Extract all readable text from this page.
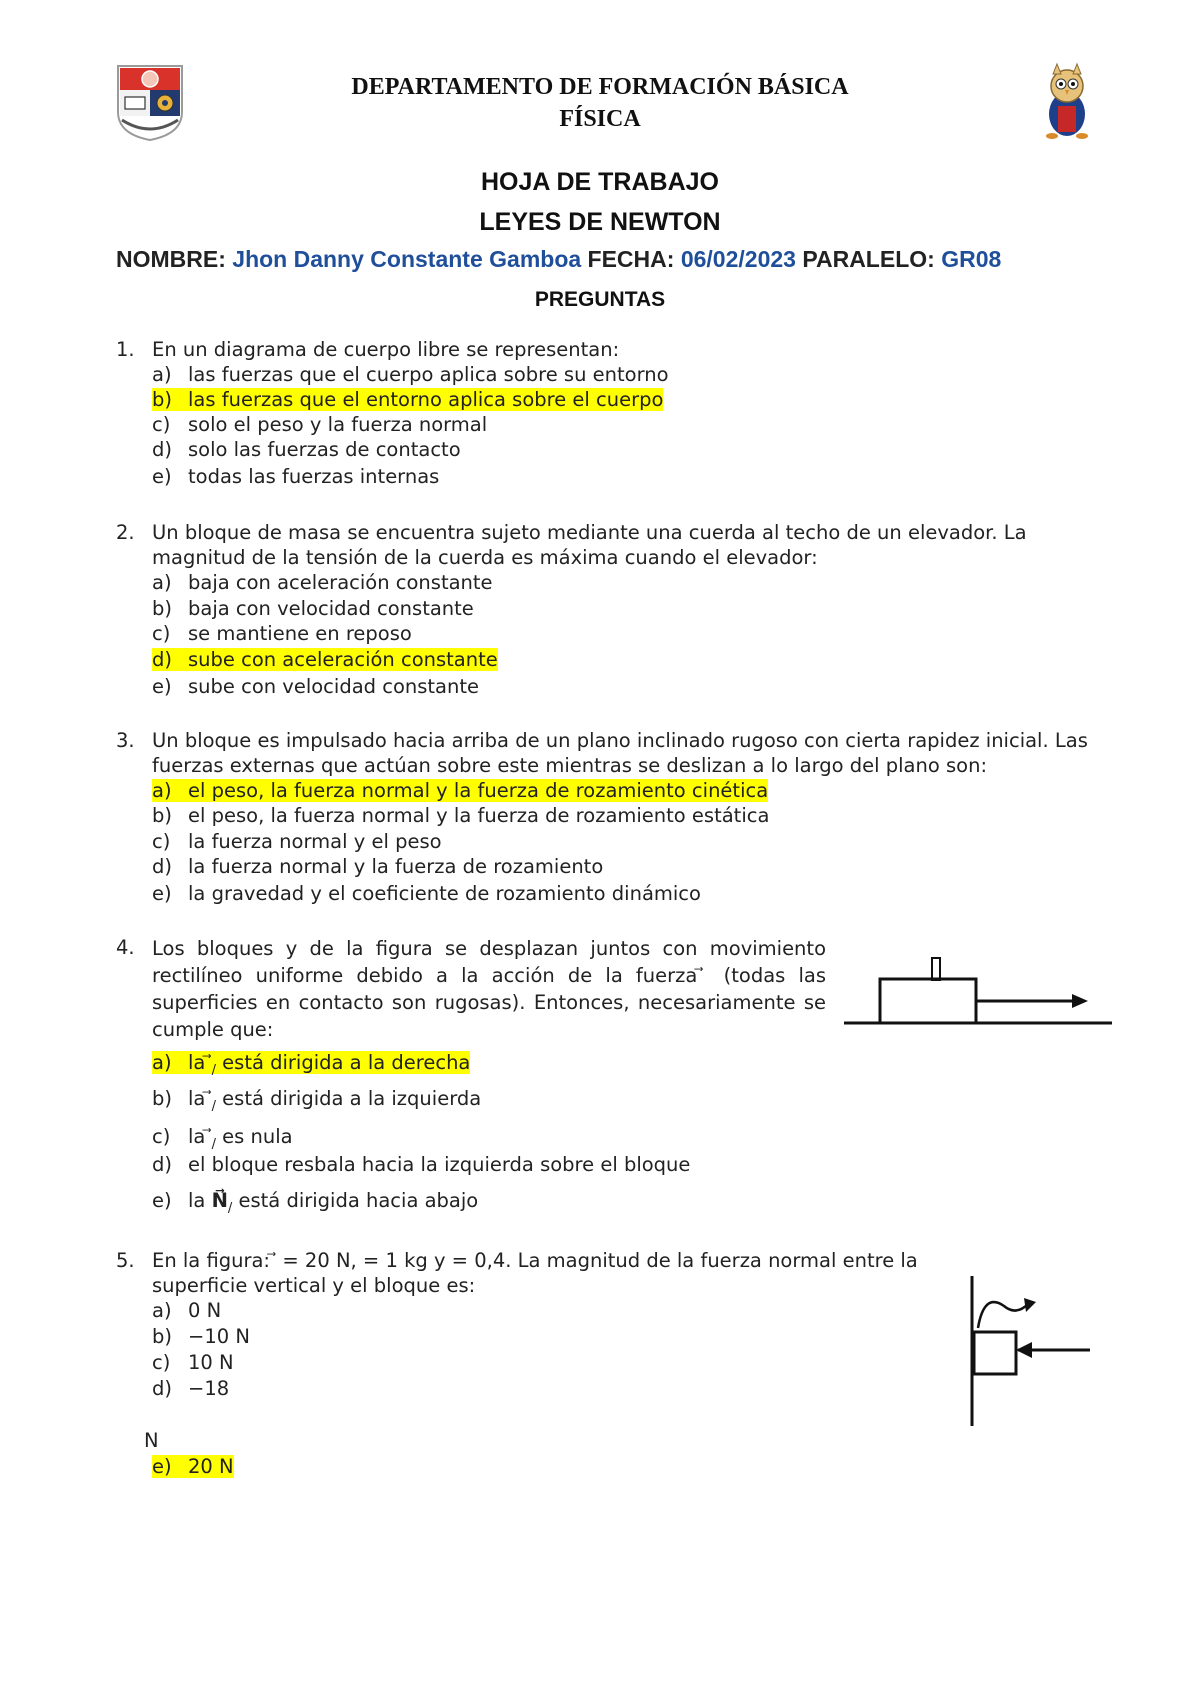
DEPARTAMENTO DE FORMACIÓN BÁSICA
FÍSICA
HOJA DE TRABAJO
LEYES DE NEWTON
NOMBRE: Jhon Danny Constante Gamboa FECHA: 06/02/2023 PARALELO: GR08
PREGUNTAS
1. En un diagrama de cuerpo libre se representan:
a) las fuerzas que el cuerpo aplica sobre su entorno
b) las fuerzas que el entorno aplica sobre el cuerpo
c) solo el peso y la fuerza normal
d) solo las fuerzas de contacto
e) todas las fuerzas internas
2. Un bloque de masa se encuentra sujeto mediante una cuerda al techo de un elevador. La magnitud de la tensión de la cuerda es máxima cuando el elevador:
a) baja con aceleración constante
b) baja con velocidad constante
c) se mantiene en reposo
d) sube con aceleración constante
e) sube con velocidad constante
3. Un bloque es impulsado hacia arriba de un plano inclinado rugoso con cierta rapidez inicial. Las fuerzas externas que actúan sobre este mientras se deslizan a lo largo del plano son:
a) el peso, la fuerza normal y la fuerza de rozamiento cinética
b) el peso, la fuerza normal y la fuerza de rozamiento estática
c) la fuerza normal y el peso
d) la fuerza normal y la fuerza de rozamiento
e) la gravedad y el coeficiente de rozamiento dinámico
4. Los bloques y de la figura se desplazan juntos con movimiento rectilíneo uniforme debido a la acción de la fuerza ⃗ (todas las superficies en contacto son rugosas). Entonces, necesariamente se cumple que:
a) la $_/$ está dirigida a la derecha
b) la $_/$ está dirigida a la izquierda
c) la $_/$ es nula
d) el bloque resbala hacia la izquierda sobre el bloque
e) la $N⃗_/$ está dirigida hacia abajo
5. En la figura: ⃗ = 20 N, = 1 kg y = 0,4. La magnitud de la fuerza normal entre la superficie vertical y el bloque es:
a) 0 N
b) −10 N
c) 10 N
d) −18
N
e) 20 N
